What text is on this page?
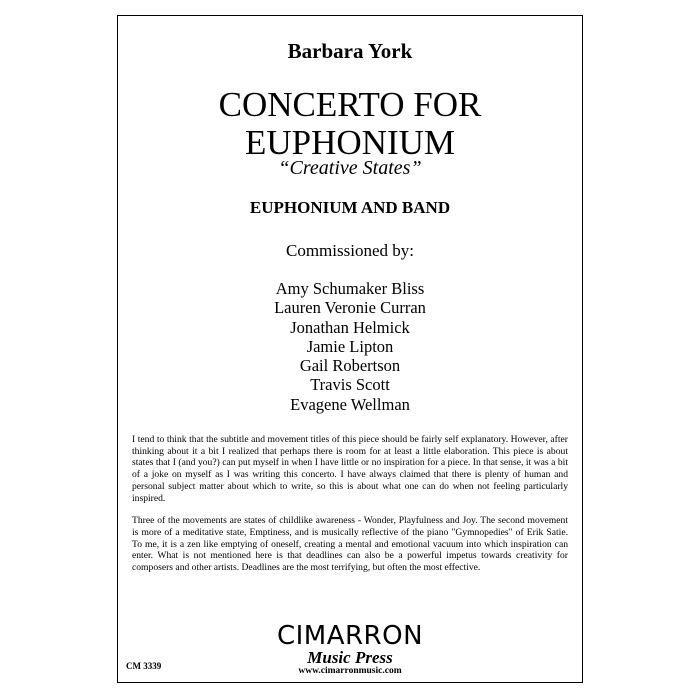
Barbara York
CONCERTO FOR
EUPHONIUM
“Creative States”
EUPHONIUM AND BAND
Commissioned by:
Amy Schumaker Bliss
Lauren Veronie Curran
Jonathan Helmick
Jamie Lipton
Gail Robertson
Travis Scott
Evagene Wellman

I tend to think that the subtitle and movement titles of this piece should be fairly self explanatory. However, after thinking about it a bit I realized that perhaps there is room for at least a little elaboration. This piece is about states that I (and you?) can put myself in when I have little or no inspiration for a piece. In that sense, it was a bit of a joke on myself as I was writing this concerto. I have always claimed that there is plenty of human and personal subject matter about which to write, so this is about what one can do when not feeling particularly inspired.

Three of the movements are states of childlike awareness - Wonder, Playfulness and Joy. The second movement is more of a meditative state, Emptiness, and is musically reflective of the piano "Gymnopedies" of Erik Satie. To me, it is a zen like emptying of oneself, creating a mental and emotional vacuum into which inspiration can enter. What is not mentioned here is that deadlines can also be a powerful impetus towards creativity for composers and other artists. Deadlines are the most terrifying, but often the most effective.

CIMARRON
Music Press
www.cimarronmusic.com
CM 3339
